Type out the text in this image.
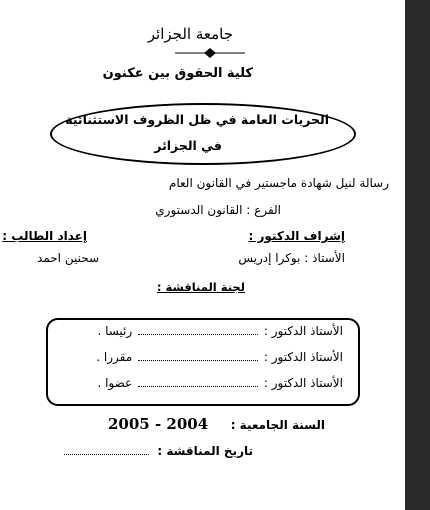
جامعة الجزائر
كلية الحقوق بين عكنون
الحريات العامة في ظل الظروف الاستثنائية
في الجزائر
رسالة لنيل شهادة ماجستير في القانون العام
الفرع : القانون الدستوري
إشراف الدكتور :
إعداد الطالب :
الأستاذ : بوكرا إدريس
سحنين احمد
لجنة المناقشة :
الأستاذ الدكتور :  رئيسا .
الأستاذ الدكتور :  مقررا .
الأستاذ الدكتور :  عضوا .
السنة الجامعية :
2005 - 2004
تاريخ المناقشة :
